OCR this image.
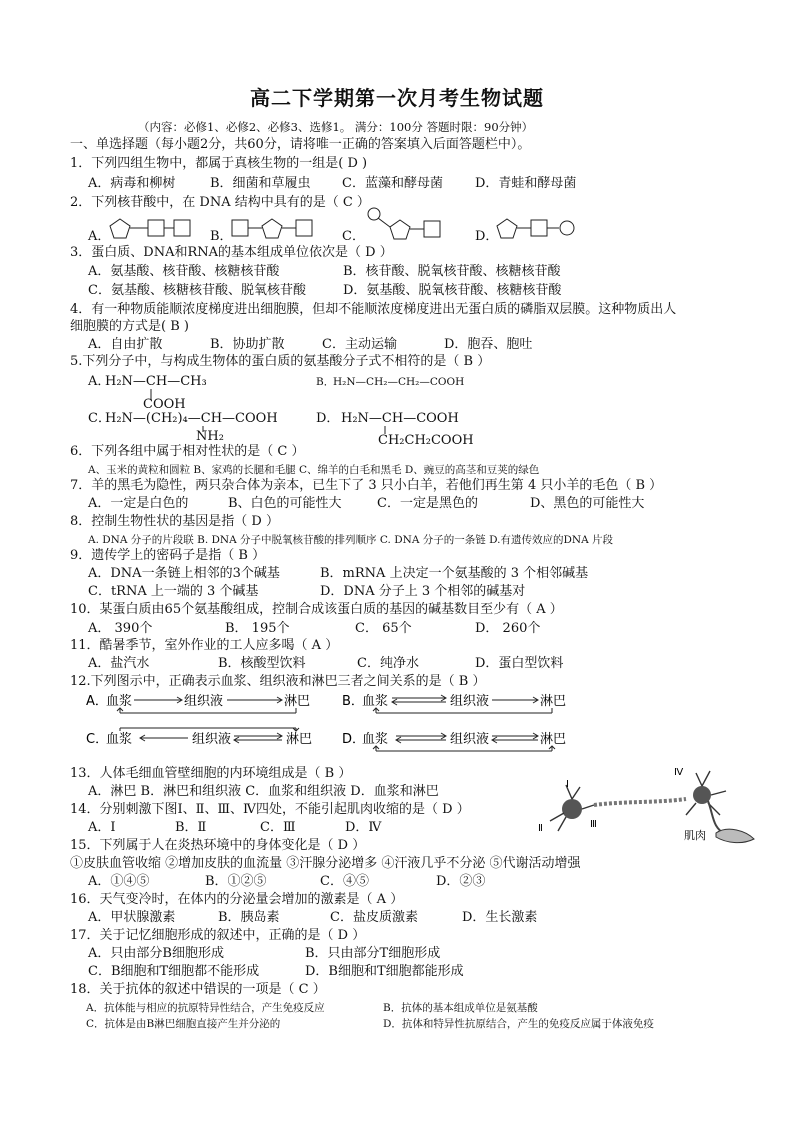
高二下学期第一次月考生物试题
（内容：必修1、必修2、必修3、选修1。 满分：100分 答题时限：90分钟）
一、单选择题（每小题2分，共60分，请将唯一正确的答案填入后面答题栏中）。
1．下列四组生物中，都属于真核生物的一组是( D )
A．病毒和柳树	B．细菌和草履虫 C．蓝藻和酵母菌 D．青蛙和酵母菌
2．下列核苷酸中，在 DNA 结构中具有的是（ C ）
A．	B．	C．	D．
3．蛋白质、DNA和RNA的基本组成单位依次是（ D ）
A．氨基酸、核苷酸、核糖核苷酸	B．核苷酸、脱氧核苷酸、核糖核苷酸
C．氨基酸、核糖核苷酸、脱氧核苷酸	D．氨基酸、脱氧核苷酸、核糖核苷酸
4．有一种物质能顺浓度梯度进出细胞膜，但却不能顺浓度梯度进出无蛋白质的磷脂双层膜。这种物质出人
细胞膜的方式是( B )
A．自由扩散	B．协助扩散	C．主动运输	D．胞吞、胞吐
5.下列分子中，与构成生物体的蛋白质的氨基酸分子式不相符的是（ B ）
A．
H₂N—CH—CH₃
COOH
B．
H₂N—CH₂—CH₂—COOH
C．
H₂N—(CH₂)₄—CH—COOH
NH₂
D． H₂N—CH—COOH
CH₂CH₂COOH
6．下列各组中属于相对性状的是（ C ）
A、玉米的黄粒和圆粒 B、家鸡的长腿和毛腿 C、绵羊的白毛和黑毛 D、豌豆的高茎和豆荚的绿色
7．羊的黑毛为隐性，两只杂合体为亲本，已生下了 3 只小白羊，若他们再生第 4 只小羊的毛色（ B ）
A．一定是白色的	B、白色的可能性大	C．一定是黑色的	D、黑色的可能性大
8．控制生物性状的基因是指（ D ）
A. DNA 分子的片段联 B. DNA 分子中脱氧核苷酸的排列顺序 C. DNA 分子的一条链 D.有遗传效应的DNA 片段
9．遗传学上的密码子是指（ B ）
A．DNA一条链上相邻的3个碱基	B．mRNA 上决定一个氨基酸的 3 个相邻碱基
C．tRNA 上一端的 3 个碱基	D．DNA 分子上 3 个相邻的碱基对
10．某蛋白质由65个氨基酸组成，控制合成该蛋白质的基因的碱基数目至少有（ A ）
A． 390个	B． 195个	C． 65个	D． 260个
11．酷暑季节，室外作业的工人应多喝（ A ）
A．盐汽水	B．核酸型饮料	C．纯净水	D．蛋白型饮料
12.下列图示中，正确表示血浆、组织液和淋巴三者之间关系的是（ B ）
A．
血浆	组织液	淋巴 B．
血浆	组织液	淋巴
C．
血浆	组织液	淋巴 D．
血浆	组织液	淋巴
13．人体毛细血管壁细胞的内环境组成是（ B ）
A．淋巴 B．淋巴和组织液 C．血浆和组织液 D．血浆和淋巴
14．分别刺激下图Ⅰ、Ⅱ、Ⅲ、Ⅳ四处，不能引起肌肉收缩的是（ D ）
A．Ⅰ	B．Ⅱ	C．Ⅲ	D．Ⅳ
Ⅰ
Ⅱ	Ⅲ
Ⅳ
肌肉
15．下列属于人在炎热环境中的身体变化是（ D ）
①皮肤血管收缩 ②增加皮肤的血流量 ③汗腺分泌增多 ④汗液几乎不分泌 ⑤代谢活动增强
A．①④⑤	B．①②⑤	C．④⑤	D．②③
16．天气变冷时，在体内的分泌量会增加的激素是（ A ）
A．甲状腺激素	B．胰岛素	C．盐皮质激素	D．生长激素
17．关于记忆细胞形成的叙述中，正确的是（ D ）
A．只由部分B细胞形成	B．只由部分T细胞形成
C．B细胞和T细胞都不能形成	D．B细胞和T细胞都能形成
18．关于抗体的叙述中错误的一项是（ C ）
A．抗体能与相应的抗原特异性结合，产生免疫反应	B．抗体的基本组成单位是氨基酸
C．抗体是由B淋巴细胞直接产生并分泌的	D．抗体和特异性抗原结合，产生的免疫反应属于体液免疫
